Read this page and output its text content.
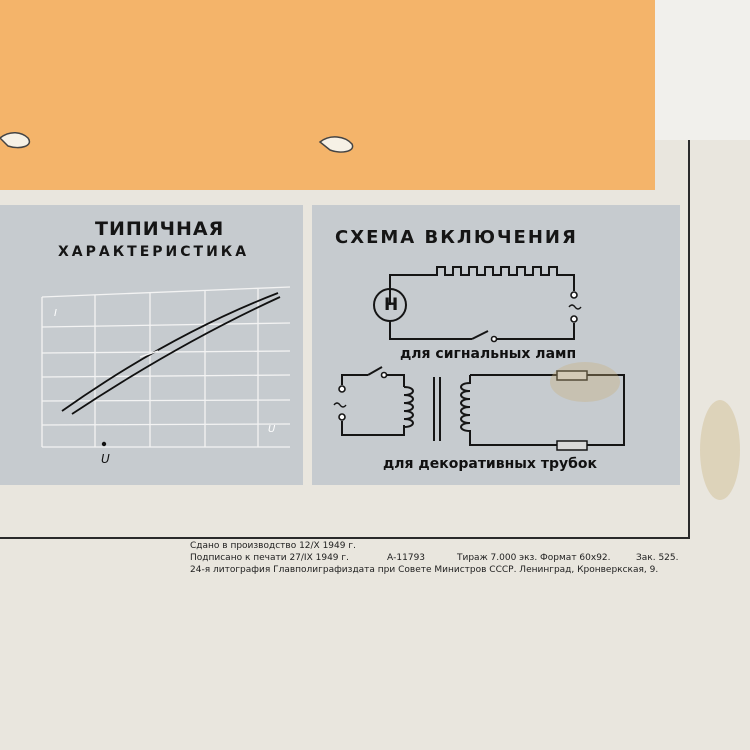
ТИПИЧНАЯ
ХАРАКТЕРИСТИКА
I
U
U
СХЕМА ВКЛЮЧЕНИЯ
Н
для сигнальных ламп
для декоративных трубок
Сдано в производство 12/Х 1949 г.
Подписано к печати 27/IX 1949 г.	А-11793	Тираж 7.000 экз. Формат 60x92.	Зак. 525.
24-я литография Главполиграфиздата при Совете Министров СССР. Ленинград, Кронверкская, 9.
